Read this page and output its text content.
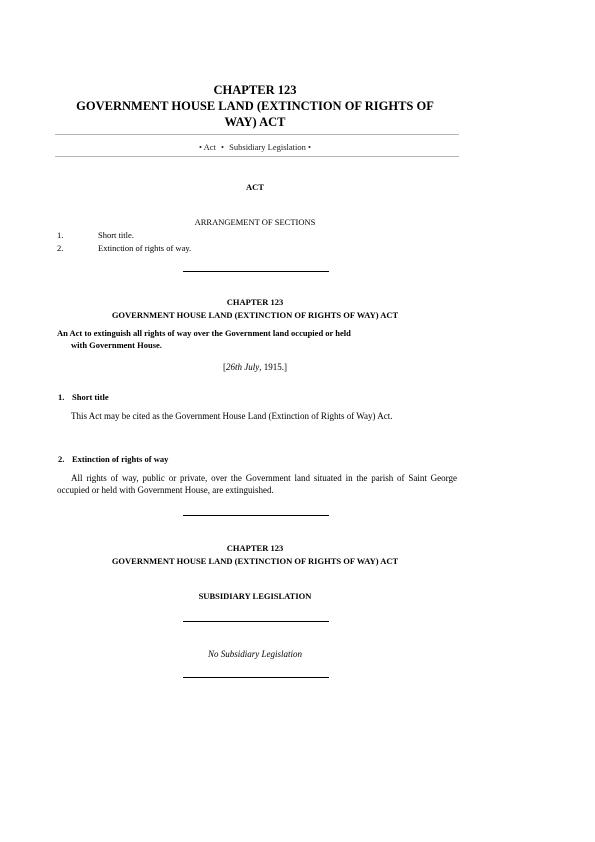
CHAPTER 123
GOVERNMENT HOUSE LAND (EXTINCTION OF RIGHTS OF
WAY) ACT
• Act • Subsidiary Legislation •
ACT
ARRANGEMENT OF SECTIONS
1.	Short title.
2.	Extinction of rights of way.
CHAPTER 123
GOVERNMENT HOUSE LAND (EXTINCTION OF RIGHTS OF WAY) ACT
An Act to extinguish all rights of way over the Government land occupied or held
with Government House.
[26th July, 1915.]
1. Short title
This Act may be cited as the Government House Land (Extinction of Rights of Way) Act.
2. Extinction of rights of way
All rights of way, public or private, over the Government land situated in the parish of Saint George occupied or held with Government House, are extinguished.
CHAPTER 123
GOVERNMENT HOUSE LAND (EXTINCTION OF RIGHTS OF WAY) ACT
SUBSIDIARY LEGISLATION
No Subsidiary Legislation
